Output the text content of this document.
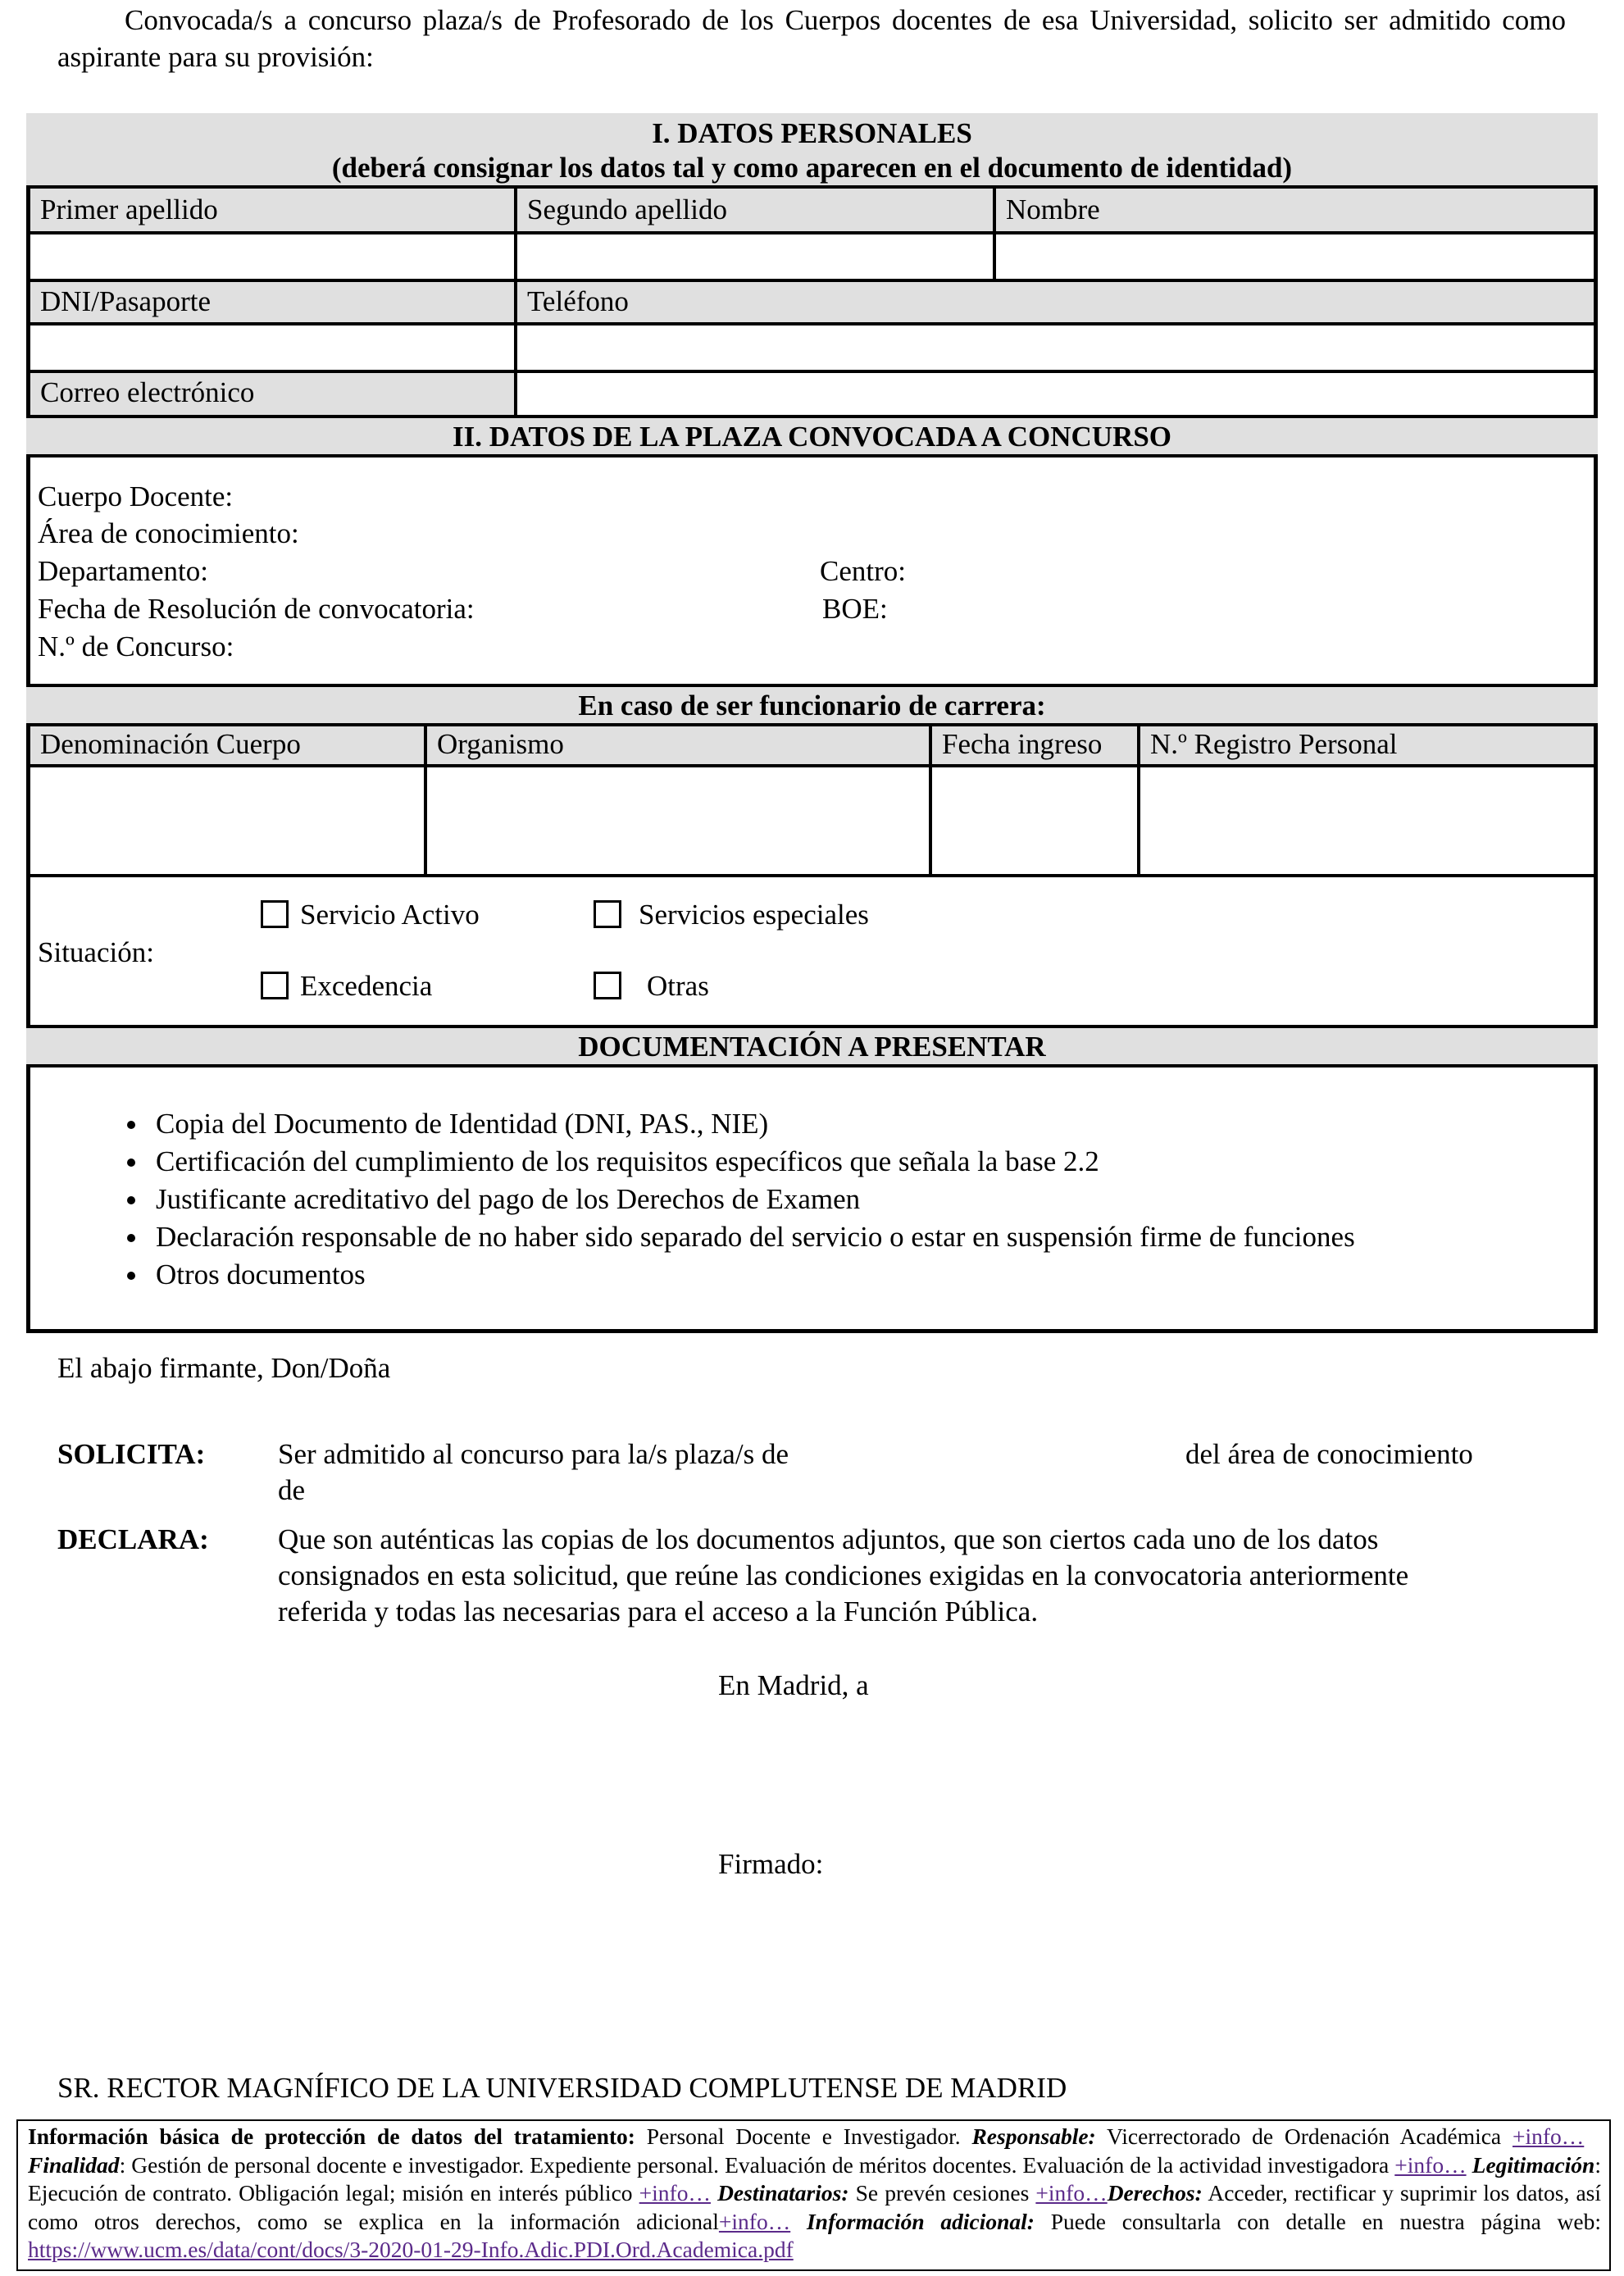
Convocada/s a concurso plaza/s de Profesorado de los Cuerpos docentes de esa Universidad, solicito ser admitido como aspirante para su provisión:
I. DATOS PERSONALES
(deberá consignar los datos tal y como aparecen en el documento de identidad)
Primer apellido	Segundo apellido	Nombre
DNI/Pasaporte	Teléfono
Correo electrónico
II. DATOS DE LA PLAZA CONVOCADA A CONCURSO
Cuerpo Docente:
Área de conocimiento:
Departamento:	Centro:
Fecha de Resolución de convocatoria:	BOE:
N.º de Concurso:
En caso de ser funcionario de carrera:
Denominación Cuerpo	Organismo	Fecha ingreso	N.º Registro Personal
Situación:
Servicio Activo	Servicios especiales
Excedencia	Otras
DOCUMENTACIÓN A PRESENTAR
• Copia del Documento de Identidad (DNI, PAS., NIE)
• Certificación del cumplimiento de los requisitos específicos que señala la base 2.2
• Justificante acreditativo del pago de los Derechos de Examen
• Declaración responsable de no haber sido separado del servicio o estar en suspensión firme de funciones
• Otros documentos
El abajo firmante, Don/Doña
SOLICITA:	Ser admitido al concurso para la/s plaza/s de	del área de conocimiento
de
DECLARA: Que son auténticas las copias de los documentos adjuntos, que son ciertos cada uno de los datos
consignados en esta solicitud, que reúne las condiciones exigidas en la convocatoria anteriormente
referida y todas las necesarias para el acceso a la Función Pública.
En Madrid, a
Firmado:
SR. RECTOR MAGNÍFICO DE LA UNIVERSIDAD COMPLUTENSE DE MADRID
Información básica de protección de datos del tratamiento: Personal Docente e Investigador. Responsable: Vicerrectorado de Ordenación Académica +info…   Finalidad: Gestión de personal docente e investigador. Expediente personal. Evaluación de méritos docentes. Evaluación de la actividad investigadora +info… Legitimación: Ejecución de contrato. Obligación legal; misión en interés público +info… Destinatarios: Se prevén cesiones +info…Derechos: Acceder, rectificar y suprimir los datos, así como otros derechos, como se explica en la información adicional+info… Información adicional: Puede consultarla con detalle en nuestra página web: https://www.ucm.es/data/cont/docs/3-2020-01-29-Info.Adic.PDI.Ord.Academica.pdf
